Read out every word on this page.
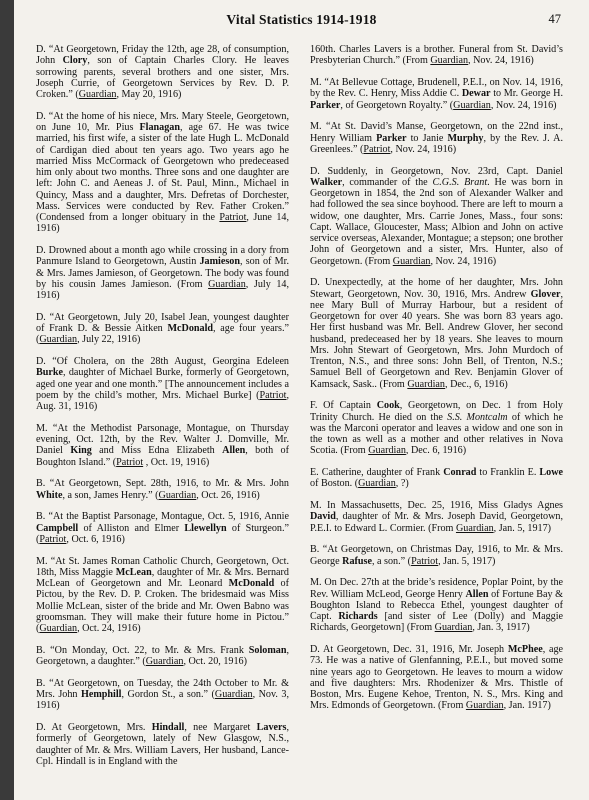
Vital Statistics 1914-1918	47

D. “At Georgetown, Friday the 12th, age 28, of consumption, John Clory, son of Captain Charles Clory. He leaves sorrowing parents, several brothers and one sister, Mrs. Joseph Currie, of Georgetown Services by Rev. D. P. Croken.” (Guardian, May 20, 1916)

D. “At the home of his niece, Mrs. Mary Steele, Georgetown, on June 10, Mr. Pius Flanagan, age 67. He was twice married, his first wife, a sister of the late Hugh L. McDonald of Cardigan died about ten years ago. Two years ago he married Miss McCormack of Georgetown who predeceased him only about two months. Three sons and one daughter are left: John C. and Aeneas J. of St. Paul, Minn., Michael in Quincy, Mass and a daughter, Mrs. Defretas of Dorchester, Mass. Services were conducted by Rev. Father Croken.” (Condensed from a longer obituary in the Patriot, June 14, 1916)

D. Drowned about a month ago while crossing in a dory from Panmure Island to Georgetown, Austin Jamieson, son of Mr. & Mrs. James Jamieson, of Georgetown. The body was found by his cousin James Jamieson. (From Guardian, July 14, 1916)

D. “At Georgetown, July 20, Isabel Jean, youngest daughter of Frank D. & Bessie Aitken McDonald, age four years.” (Guardian, July 22, 1916)

D. “Of Cholera, on the 28th August, Georgina Edeleen Burke, daughter of Michael Burke, formerly of Georgetown, aged one year and one month.” [The announcement includes a poem by the child’s mother, Mrs. Michael Burke] (Patriot, Aug. 31, 1916)

M. “At the Methodist Parsonage, Montague, on Thursday evening, Oct. 12th, by the Rev. Walter J. Domville, Mr. Daniel King and Miss Edna Elizabeth Allen, both of Boughton Island.” (Patriot , Oct. 19, 1916)

B. “At Georgetown, Sept. 28th, 1916, to Mr. & Mrs. John White, a son, James Henry.” (Guardian, Oct. 26, 1916)

B. “At the Baptist Parsonage, Montague, Oct. 5, 1916, Annie Campbell of Alliston and Elmer Llewellyn of Sturgeon.” (Patriot, Oct. 6, 1916)

M. “At St. James Roman Catholic Church, Georgetown, Oct. 18th, Miss Maggie McLean, daughter of Mr. & Mrs. Bernard McLean of Georgetown and Mr. Leonard McDonald of Pictou, by the Rev. D. P. Croken. The bridesmaid was Miss Mollie McLean, sister of the bride and Mr. Owen Babno was groomsman. They will make their future home in Pictou.” (Guardian, Oct. 24, 1916)

B. “On Monday, Oct. 22, to Mr. & Mrs. Frank Soloman, Georgetown, a daughter.” (Guardian, Oct. 20, 1916)

B. “At Georgetown, on Tuesday, the 24th October to Mr. & Mrs. John Hemphill, Gordon St., a son.” (Guardian, Nov. 3, 1916)

D. At Georgetown, Mrs. Hindall, nee Margaret Lavers, formerly of Georgetown, lately of New Glasgow, N.S., daughter of Mr. & Mrs. William Lavers, Her husband, Lance-Cpl. Hindall is in England with the

160th. Charles Lavers is a brother. Funeral from St. David’s Presbyterian Church.” (From Guardian, Nov. 24, 1916)

M. “At Bellevue Cottage, Brudenell, P.E.I., on Nov. 14, 1916, by the Rev. C. Henry, Miss Addie C. Dewar to Mr. George H. Parker, of Georgetown Royalty.” (Guardian, Nov. 24, 1916)

M. “At St. David’s Manse, Georgetown, on the 22nd inst., Henry William Parker to Janie Murphy, by the Rev. J. A. Greenlees.” (Patriot, Nov. 24, 1916)

D. Suddenly, in Georgetown, Nov. 23rd, Capt. Daniel Walker, commander of the C.G.S. Brant. He was born in Georgetown in 1854, the 2nd son of Alexander Walker and had followed the sea since boyhood. There are left to mourn a widow, one daughter, Mrs. Carrie Jones, Mass., four sons: Capt. Wallace, Gloucester, Mass; Albion and John on active service overseas, Alexander, Montague; a stepson; one brother John of Georgetown and a sister, Mrs. Hunter, also of Georgetown. (From Guardian, Nov. 24, 1916)

D. Unexpectedly, at the home of her daughter, Mrs. John Stewart, Georgetown, Nov. 30, 1916, Mrs. Andrew Glover, nee Mary Bull of Murray Harbour, but a resident of Georgetown for over 40 years. She was born 83 years ago. Her first husband was Mr. Bell. Andrew Glover, her second husband, predeceased her by 18 years. She leaves to mourn Mrs. John Stewart of Georgetown, Mrs. John Murdoch of Trenton, N.S., and three sons: John Bell, of Trenton, N.S.; Samuel Bell of Georgetown and Rev. Benjamin Glover of Kamsack, Sask.. (From Guardian, Dec., 6, 1916)

F. Of Captain Cook, Georgetown, on Dec. 1 from Holy Trinity Church. He died on the S.S. Montcalm of which he was the Marconi operator and leaves a widow and one son in the town as well as a mother and other relatives in Nova Scotia. (From Guardian, Dec. 6, 1916)

E. Catherine, daughter of Frank Conrad to Franklin E. Lowe of Boston. (Guardian, ?)

M. In Massachusetts, Dec. 25, 1916, Miss Gladys Agnes David, daughter of Mr. & Mrs. Joseph David, Georgetown, P.E.I. to Edward L. Cormier. (From Guardian, Jan. 5, 1917)

B. “At Georgetown, on Christmas Day, 1916, to Mr. & Mrs. George Rafuse, a son.” (Patriot, Jan. 5, 1917)

M. On Dec. 27th at the bride’s residence, Poplar Point, by the Rev. William McLeod, George Henry Allen of Fortune Bay & Boughton Island to Rebecca Ethel, youngest daughter of Capt. Richards [and sister of Lee (Dolly) and Maggie Richards, Georgetown] (From Guardian, Jan. 3, 1917)

D. At Georgetown, Dec. 31, 1916, Mr. Joseph McPhee, age 73. He was a native of Glenfanning, P.E.I., but moved some nine years ago to Georgetown. He leaves to mourn a widow and five daughters: Mrs. Rhodenizer & Mrs. Thistle of Boston, Mrs. Eugene Kehoe, Trenton, N. S., Mrs. King and Mrs. Edmonds of Georgetown. (From Guardian, Jan. 1917)
